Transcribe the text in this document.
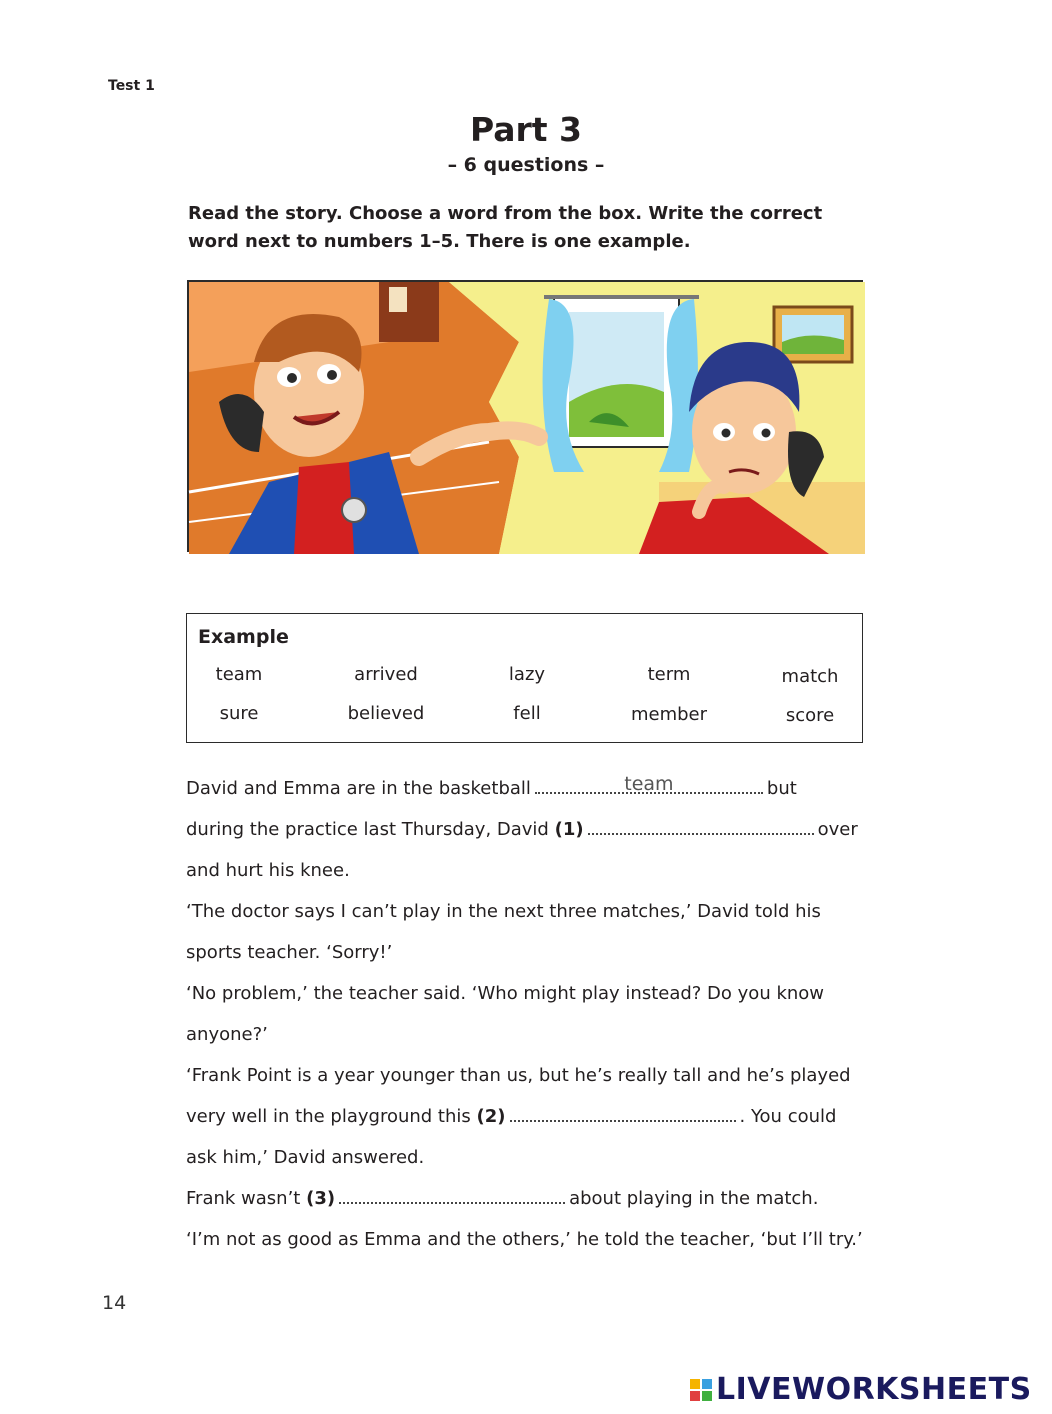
Test 1
Part 3
– 6 questions –
Read the story. Choose a word from the box. Write the correct word next to numbers 1–5. There is one example.
Example
team	arrived	lazy	term	match
sure	believed	fell	member	score

David and Emma are in the basketball	team	but

during the practice last Thursday, David (1)	over

and hurt his knee.

‘The doctor says I can’t play in the next three matches,’ David told his

sports teacher. ‘Sorry!’

‘No problem,’ the teacher said. ‘Who might play instead? Do you know

anyone?’

‘Frank Point is a year younger than us, but he’s really tall and he’s played

very well in the playground this (2)	. You could

ask him,’ David answered.

Frank wasn’t (3)	about playing in the match.

‘I’m not as good as Emma and the others,’ he told the teacher, ‘but I’ll try.’

14
LIVEWORKSHEETS
